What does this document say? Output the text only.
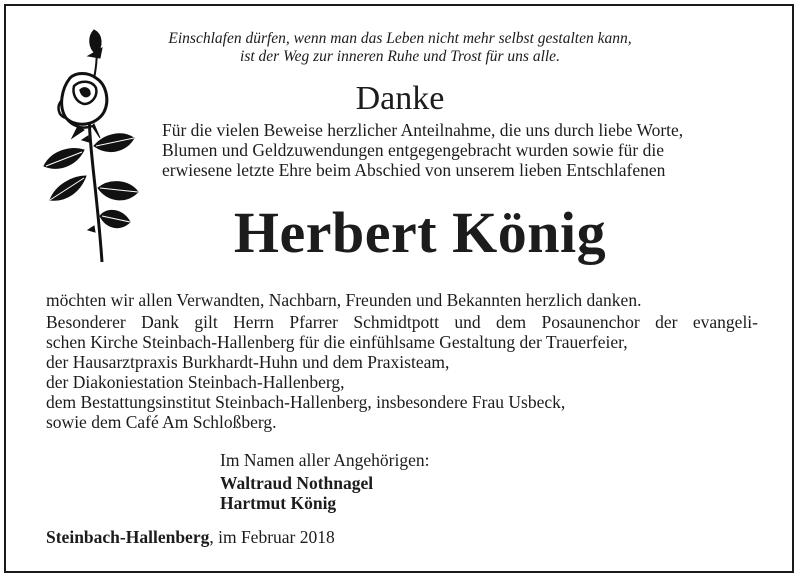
Einschlafen dürfen, wenn man das Leben nicht mehr selbst gestalten kann,
ist der Weg zur inneren Ruhe und Trost für uns alle.
Danke
Für die vielen Beweise herzlicher Anteilnahme, die uns durch liebe Worte,
Blumen und Geldzuwendungen entgegengebracht wurden sowie für die
erwiesene letzte Ehre beim Abschied von unserem lieben Entschlafenen
Herbert König
möchten wir allen Verwandten, Nachbarn, Freunden und Bekannten herzlich danken.
Besonderer Dank gilt Herrn Pfarrer Schmidtpott und dem Posaunenchor der evangeli-
schen Kirche Steinbach-Hallenberg für die einfühlsame Gestaltung der Trauerfeier,
der Hausarztpraxis Burkhardt-Huhn und dem Praxisteam,
der Diakoniestation Steinbach-Hallenberg,
dem Bestattungsinstitut Steinbach-Hallenberg, insbesondere Frau Usbeck,
sowie dem Café Am Schloßberg.
Im Namen aller Angehörigen:
Waltraud Nothnagel
Hartmut König
Steinbach-Hallenberg, im Februar 2018
